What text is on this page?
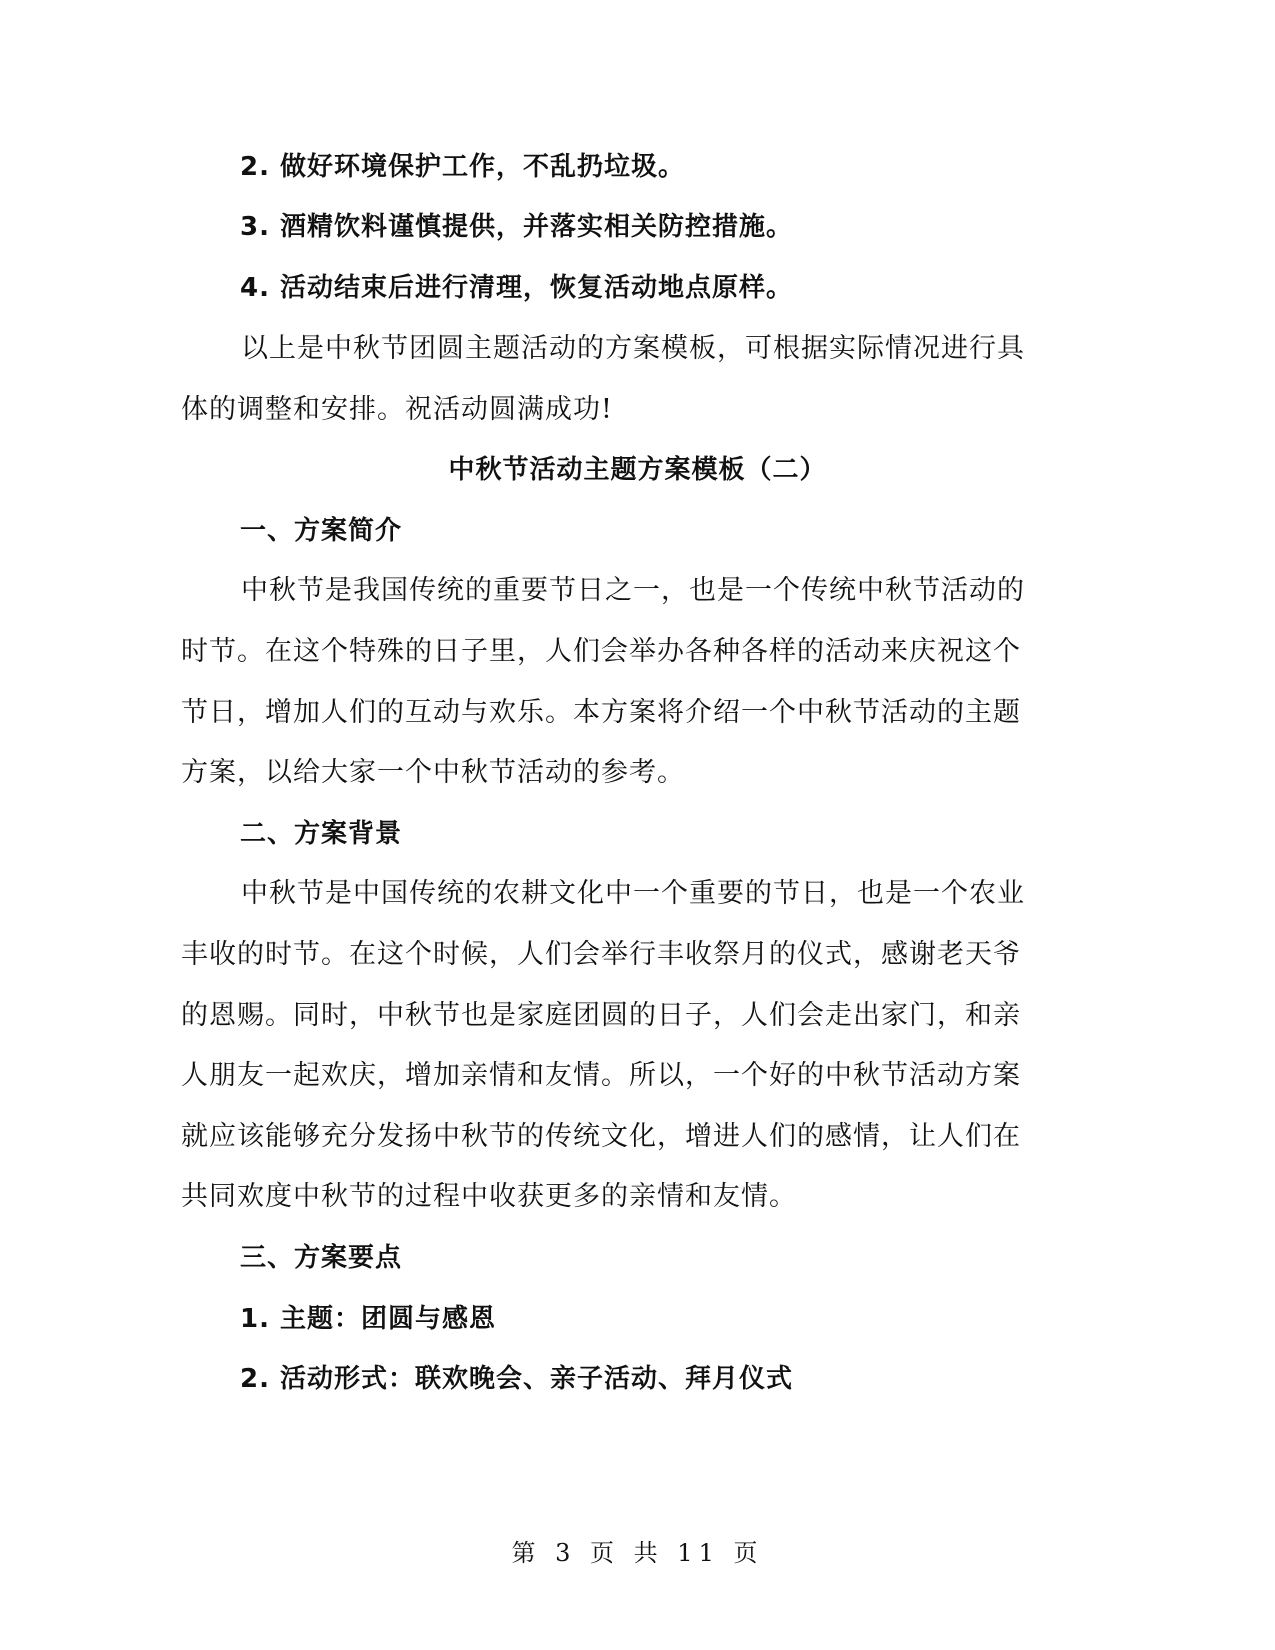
2. 做好环境保护工作，不乱扔垃圾。
3. 酒精饮料谨慎提供，并落实相关防控措施。
4. 活动结束后进行清理，恢复活动地点原样。
以上是中秋节团圆主题活动的方案模板，可根据实际情况进行具
体的调整和安排。祝活动圆满成功!
中秋节活动主题方案模板（二）
一、方案简介
中秋节是我国传统的重要节日之一，也是一个传统中秋节活动的
时节。在这个特殊的日子里，人们会举办各种各样的活动来庆祝这个
节日，增加人们的互动与欢乐。本方案将介绍一个中秋节活动的主题
方案，以给大家一个中秋节活动的参考。
二、方案背景
中秋节是中国传统的农耕文化中一个重要的节日，也是一个农业
丰收的时节。在这个时候，人们会举行丰收祭月的仪式，感谢老天爷
的恩赐。同时，中秋节也是家庭团圆的日子，人们会走出家门，和亲
人朋友一起欢庆，增加亲情和友情。所以，一个好的中秋节活动方案
就应该能够充分发扬中秋节的传统文化，增进人们的感情，让人们在
共同欢度中秋节的过程中收获更多的亲情和友情。
三、方案要点
1. 主题：团圆与感恩
2. 活动形式：联欢晚会、亲子活动、拜月仪式
第 3 页 共 11 页
